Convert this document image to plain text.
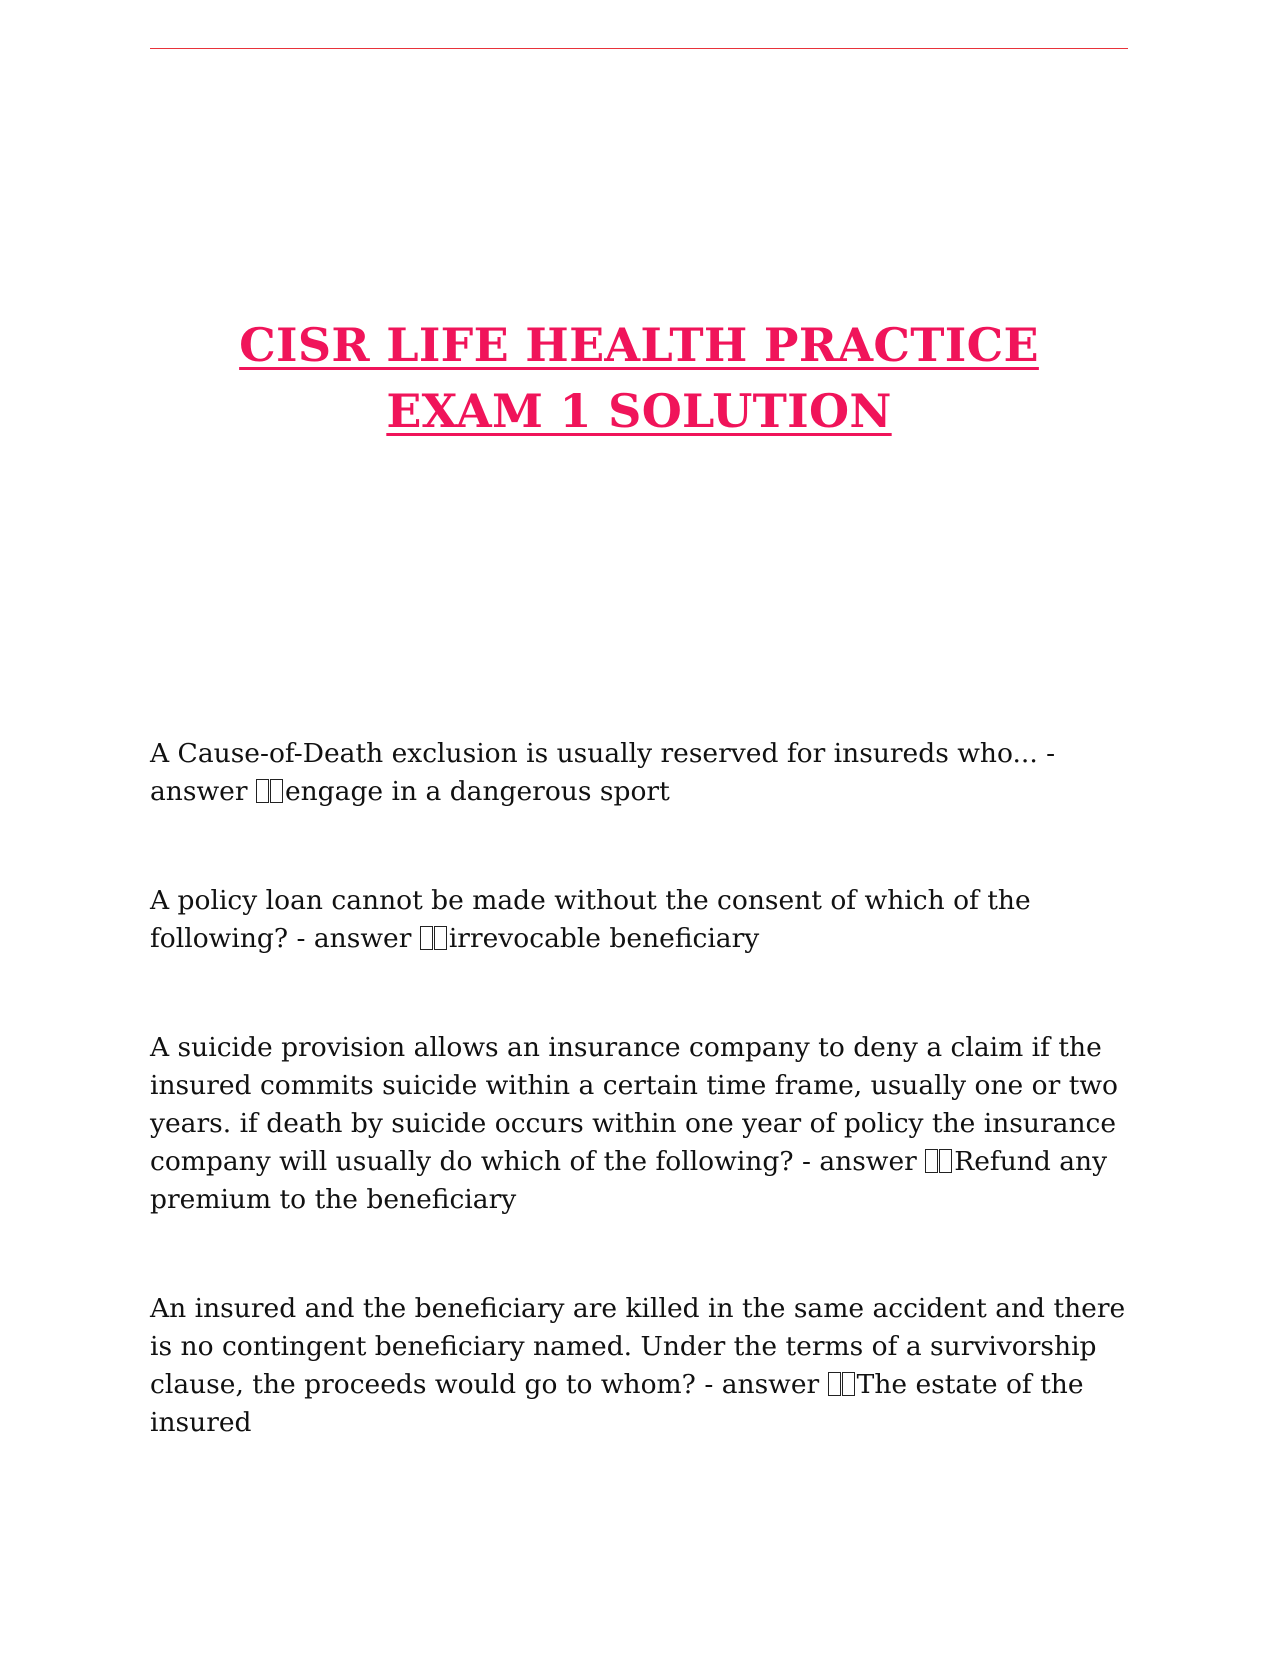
CISR LIFE HEALTH PRACTICE
EXAM 1 SOLUTION

A Cause-of-Death exclusion is usually reserved for insureds who... -
answer engage in a dangerous sport

A policy loan cannot be made without the consent of which of the following? - answer irrevocable beneficiary

A suicide provision allows an insurance company to deny a claim if the insured commits suicide within a certain time frame, usually one or two years. if death by suicide occurs within one year of policy the insurance company will usually do which of the following? - answer Refund any premium to the beneficiary

An insured and the beneficiary are killed in the same accident and there is no contingent beneficiary named. Under the terms of a survivorship clause, the proceeds would go to whom? - answer The estate of the insured
